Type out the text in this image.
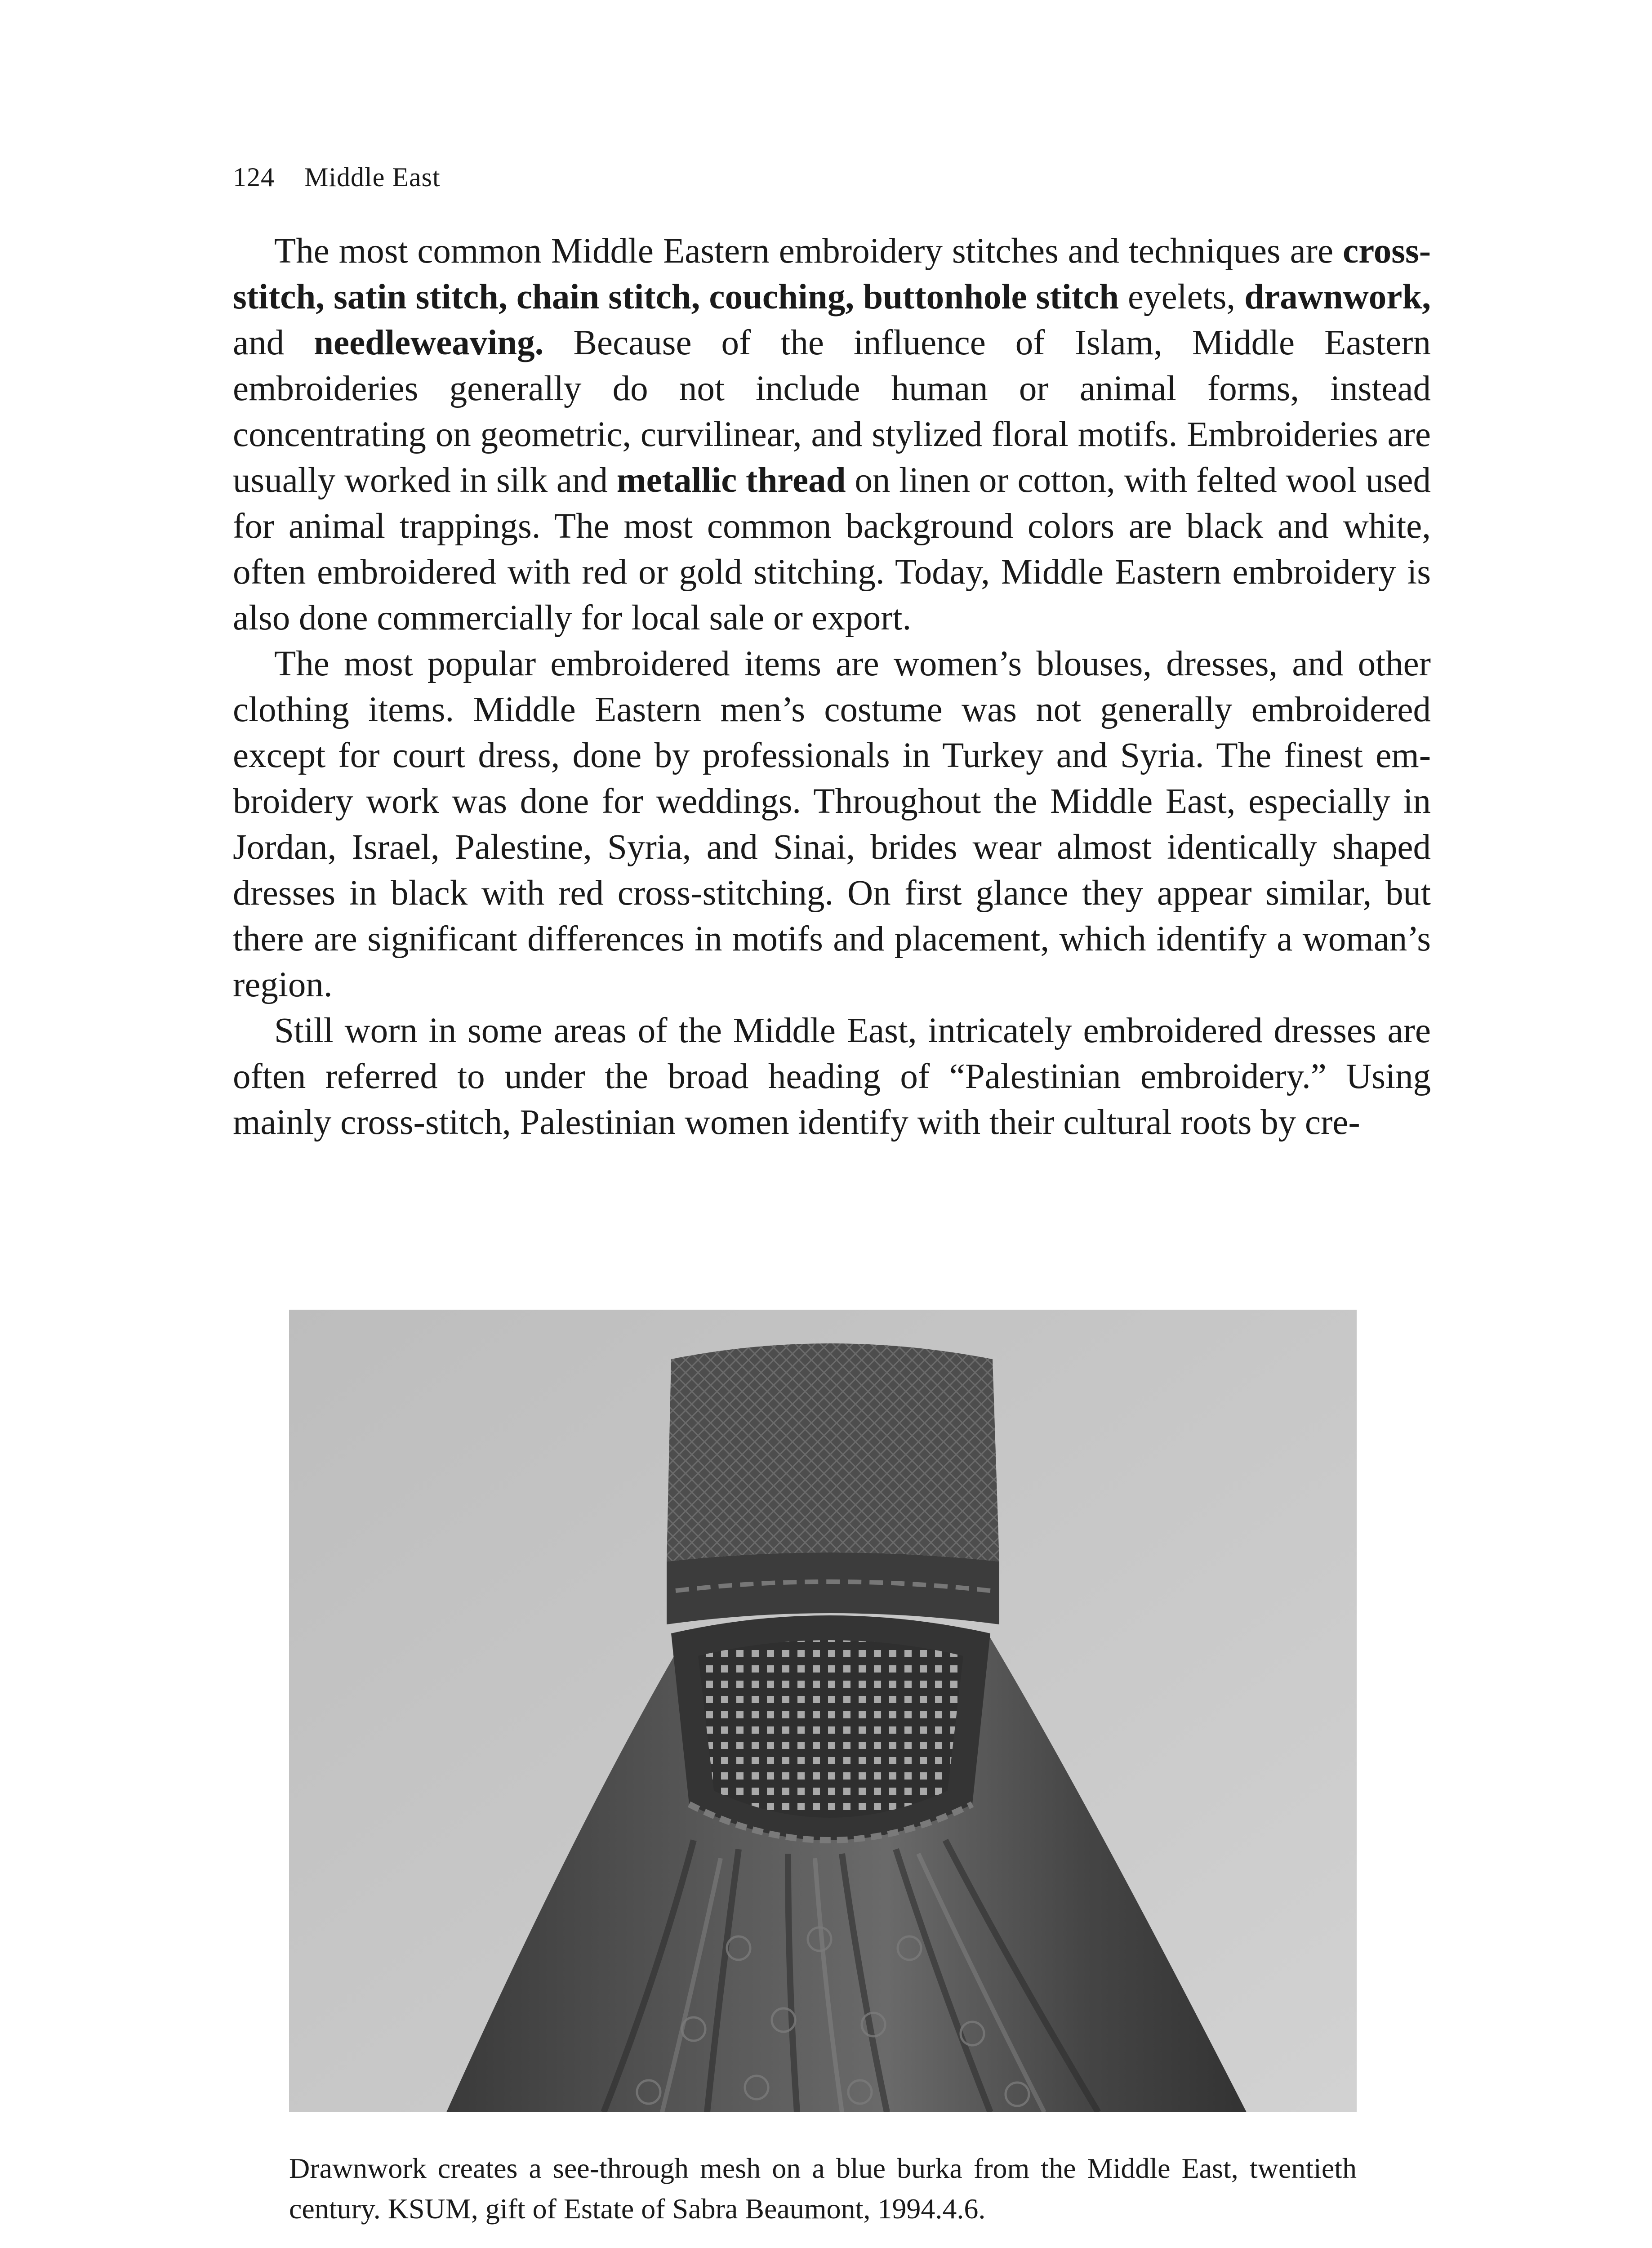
124 Middle East

The most common Middle Eastern embroidery stitches and techniques are cross-stitch, satin stitch, chain stitch, couching, buttonhole stitch eyelets, drawnwork, and needleweaving. Because of the influence of Islam, Middle Eastern embroideries generally do not include human or animal forms, instead concentrating on geometric, curvilinear, and stylized floral motifs. Embroideries are usually worked in silk and metallic thread on linen or cotton, with felted wool used for animal trappings. The most common background colors are black and white, often embroidered with red or gold stitching. Today, Middle Eastern embroidery is also done commercially for local sale or export.

The most popular embroidered items are women’s blouses, dresses, and other clothing items. Middle Eastern men’s costume was not generally embroidered except for court dress, done by professionals in Turkey and Syria. The finest embroidery work was done for weddings. Throughout the Middle East, especially in Jordan, Israel, Palestine, Syria, and Sinai, brides wear almost identically shaped dresses in black with red cross-stitching. On first glance they appear similar, but there are significant differences in motifs and placement, which identify a woman’s region.

Still worn in some areas of the Middle East, intricately embroidered dresses are often referred to under the broad heading of “Palestinian embroidery.” Using mainly cross-stitch, Palestinian women identify with their cultural roots by cre-

Drawnwork creates a see-through mesh on a blue burka from the Middle East, twentieth century. KSUM, gift of Estate of Sabra Beaumont, 1994.4.6.
